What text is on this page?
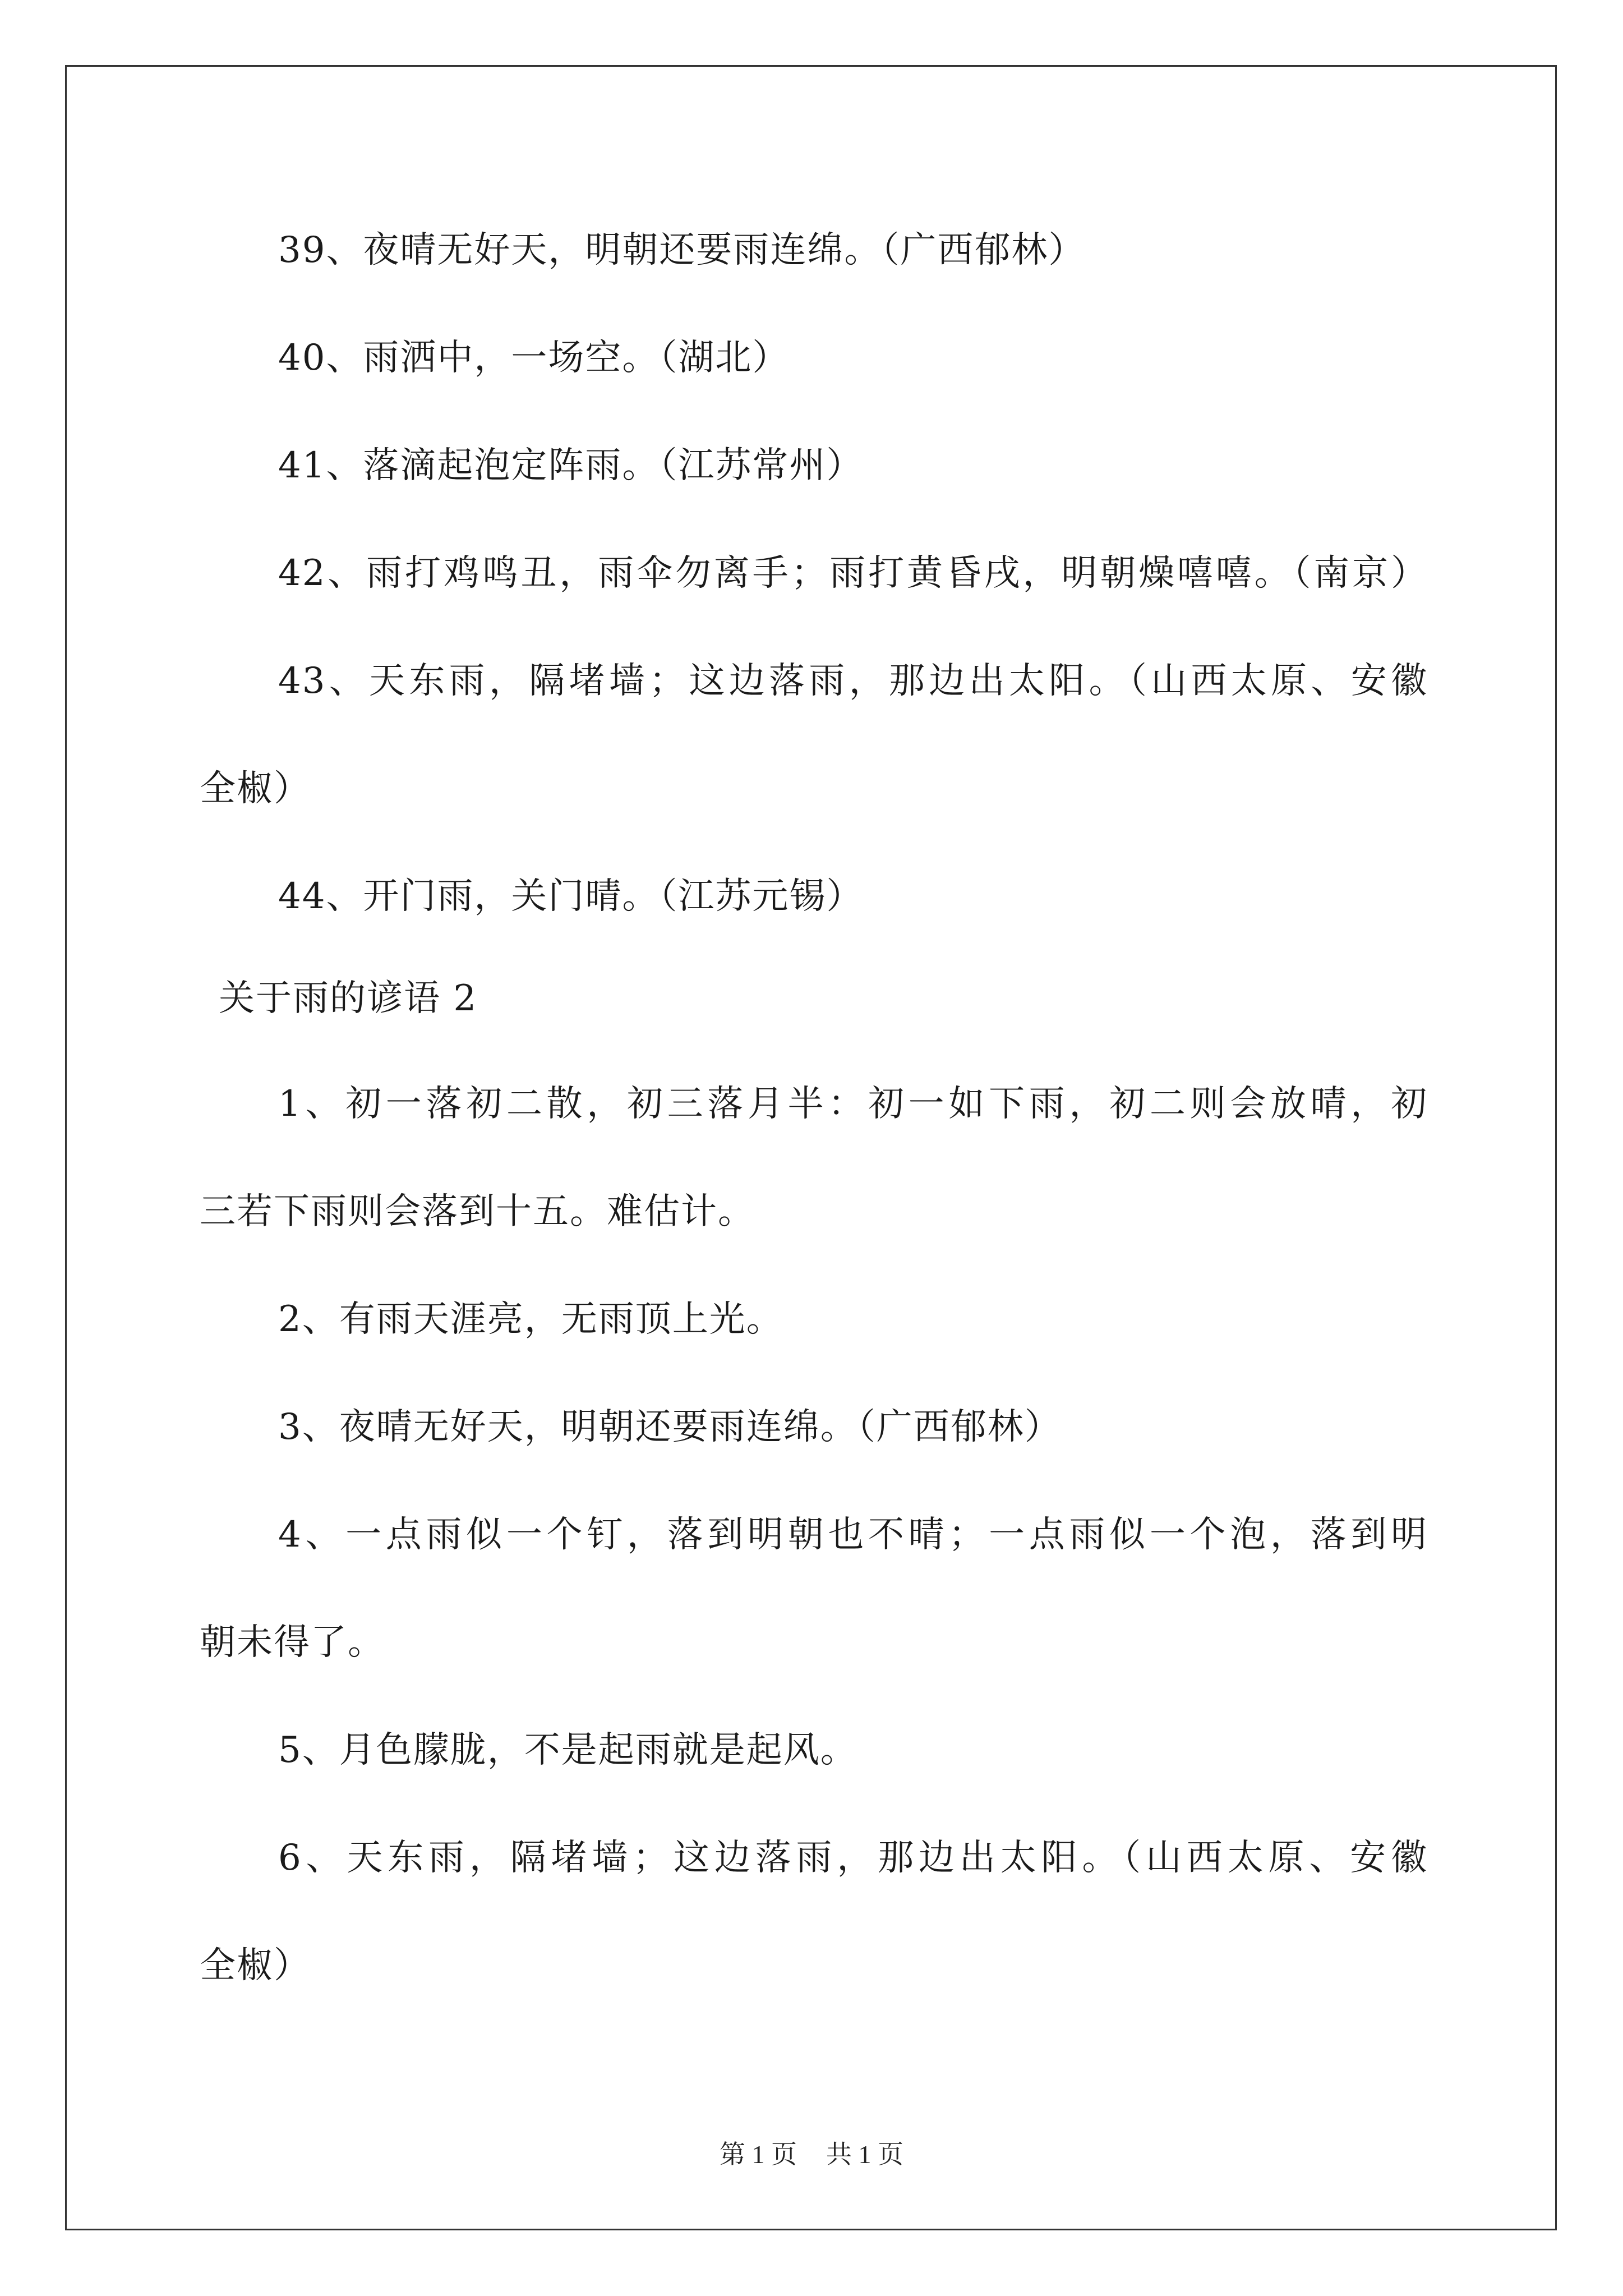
39、夜晴无好天，明朝还要雨连绵。（广西郁林）
40、雨洒中，一场空。（湖北）
41、落滴起泡定阵雨。（江苏常州）
42、雨打鸡鸣丑，雨伞勿离手；雨打黄昏戌，明朝燥嘻嘻。（南京）
43、天东雨，隔堵墙；这边落雨，那边出太阳。（山西太原、安徽
全椒）
44、开门雨，关门晴。（江苏元锡）
关于雨的谚语 2
1、初一落初二散，初三落月半：初一如下雨，初二则会放晴，初
三若下雨则会落到十五。难估计。
2、有雨天涯亮，无雨顶上光。
3、夜晴无好天，明朝还要雨连绵。（广西郁林）
4、一点雨似一个钉，落到明朝也不晴；一点雨似一个泡，落到明
朝未得了。
5、月色朦胧，不是起雨就是起风。
6、天东雨，隔堵墙；这边落雨，那边出太阳。（山西太原、安徽
全椒）
第 1 页 共 1 页
